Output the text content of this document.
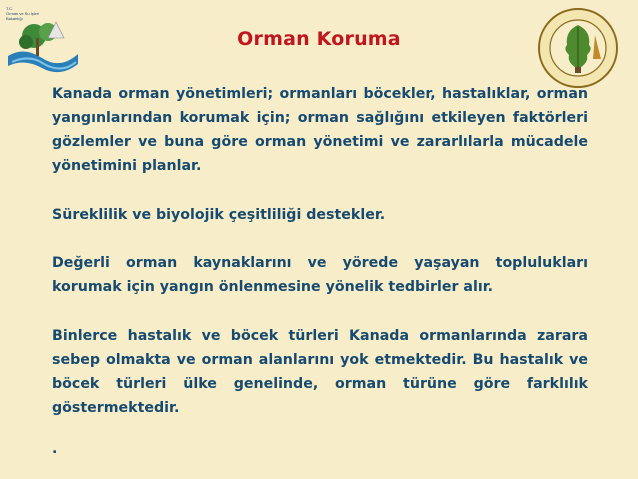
T.C.
Orman ve Su İşleri
Bakanlığı
Orman Koruma

Kanada orman yönetimleri; ormanları böcekler, hastalıklar, orman yangınlarından korumak için; orman sağlığını etkileyen faktörleri gözlemler ve buna göre orman yönetimi ve zararlılarla mücadele yönetimini planlar.

Süreklilik ve biyolojik çeşitliliği destekler.

Değerli orman kaynaklarını ve yörede yaşayan toplulukları korumak için yangın önlenmesine yönelik tedbirler alır.

Binlerce hastalık ve böcek türleri Kanada ormanlarında zarara sebep olmakta ve orman alanlarını yok etmektedir. Bu hastalık ve böcek türleri ülke genelinde, orman türüne göre farklılık göstermektedir.

.
